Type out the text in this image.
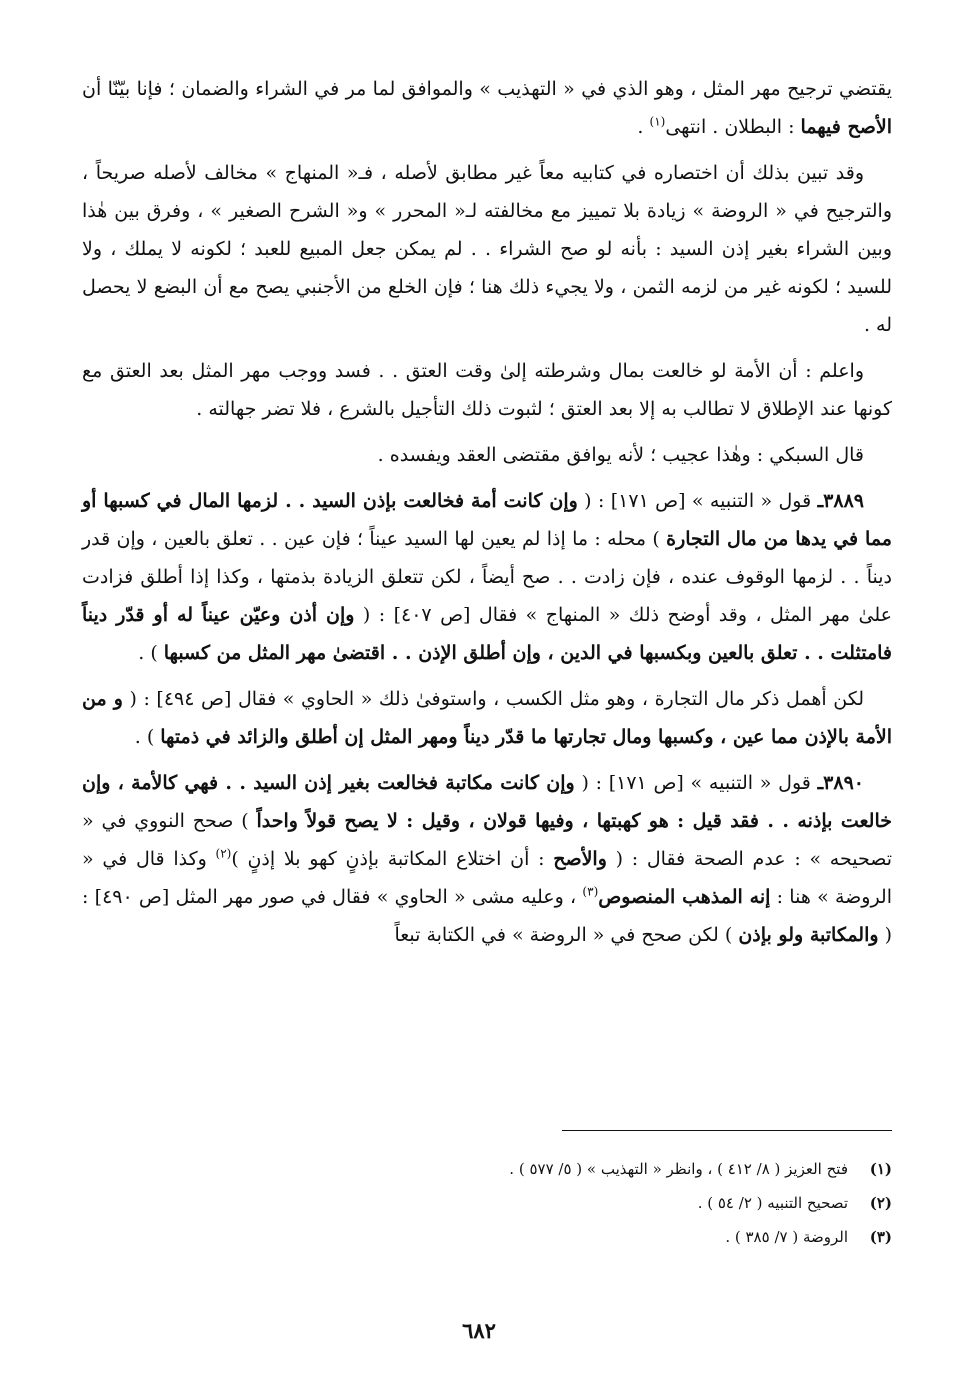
يقتضي ترجيح مهر المثل ، وهو الذي في « التهذيب » والموافق لما مر في الشراء والضمان ؛ فإنا بيّنّا أن الأصح فيهما : البطلان . انتهى$^{(١)}$ .

وقد تبين بذلك أن اختصاره في كتابيه معاً غير مطابق لأصله ، فـ« المنهاج » مخالف لأصله صريحاً ، والترجيح في « الروضة » زيادة بلا تمييز مع مخالفته لـ« المحرر » و« الشرح الصغير » ، وفرق بين هٰذا وبين الشراء بغير إذن السيد : بأنه لو صح الشراء . . لم يمكن جعل المبيع للعبد ؛ لكونه لا يملك ، ولا للسيد ؛ لكونه غير من لزمه الثمن ، ولا يجيء ذلك هنا ؛ فإن الخلع من الأجنبي يصح مع أن البضع لا يحصل له .

واعلم : أن الأمة لو خالعت بمال وشرطته إلىٰ وقت العتق . . فسد ووجب مهر المثل بعد العتق مع كونها عند الإطلاق لا تطالب به إلا بعد العتق ؛ لثبوت ذلك التأجيل بالشرع ، فلا تضر جهالته .

قال السبكي : وهٰذا عجيب ؛ لأنه يوافق مقتضى العقد ويفسده .

٣٨٨٩ـ قول « التنبيه » [ص ١٧١] : ( وإن كانت أمة فخالعت بإذن السيد . . لزمها المال في كسبها أو مما في يدها من مال التجارة ) محله : ما إذا لم يعين لها السيد عيناً ؛ فإن عين . . تعلق بالعين ، وإن قدر ديناً . . لزمها الوقوف عنده ، فإن زادت . . صح أيضاً ، لكن تتعلق الزيادة بذمتها ، وكذا إذا أطلق فزادت علىٰ مهر المثل ، وقد أوضح ذلك « المنهاج » فقال [ص ٤٠٧] : ( وإن أذن وعيّن عيناً له أو قدّر ديناً فامتثلت . . تعلق بالعين وبكسبها في الدين ، وإن أطلق الإذن . . اقتضىٰ مهر المثل من كسبها ) .

لكن أهمل ذكر مال التجارة ، وهو مثل الكسب ، واستوفىٰ ذلك « الحاوي » فقال [ص ٤٩٤] : ( و من الأمة بالإذن مما عين ، وكسبها ومال تجارتها ما قدّر ديناً ومهر المثل إن أطلق والزائد في ذمتها ) .

٣٨٩٠ـ قول « التنبيه » [ص ١٧١] : ( وإن كانت مكاتبة فخالعت بغير إذن السيد . . فهي كالأمة ، وإن خالعت بإذنه . . فقد قيل : هو كهبتها ، وفيها قولان ، وقيل : لا يصح قولاً واحداً ) صحح النووي في « تصحيحه » : عدم الصحة فقال : ( والأصح : أن اختلاع المكاتبة بإذنٍ كهو بلا إذنٍ )$^{(٢)}$ وكذا قال في « الروضة » هنا : إنه المذهب المنصوص$^{(٣)}$ ، وعليه مشى « الحاوي » فقال في صور مهر المثل [ص ٤٩٠] : ( والمكاتبة ولو بإذن ) لكن صحح في « الروضة » في الكتابة تبعاً

(١)
فتح العزيز ( ٨/ ٤١٢ ) ، وانظر « التهذيب » ( ٥/ ٥٧٧ ) .
(٢)
تصحيح التنبيه ( ٢/ ٥٤ ) .
(٣)
الروضة ( ٧/ ٣٨٥ ) .
٦٨٢
